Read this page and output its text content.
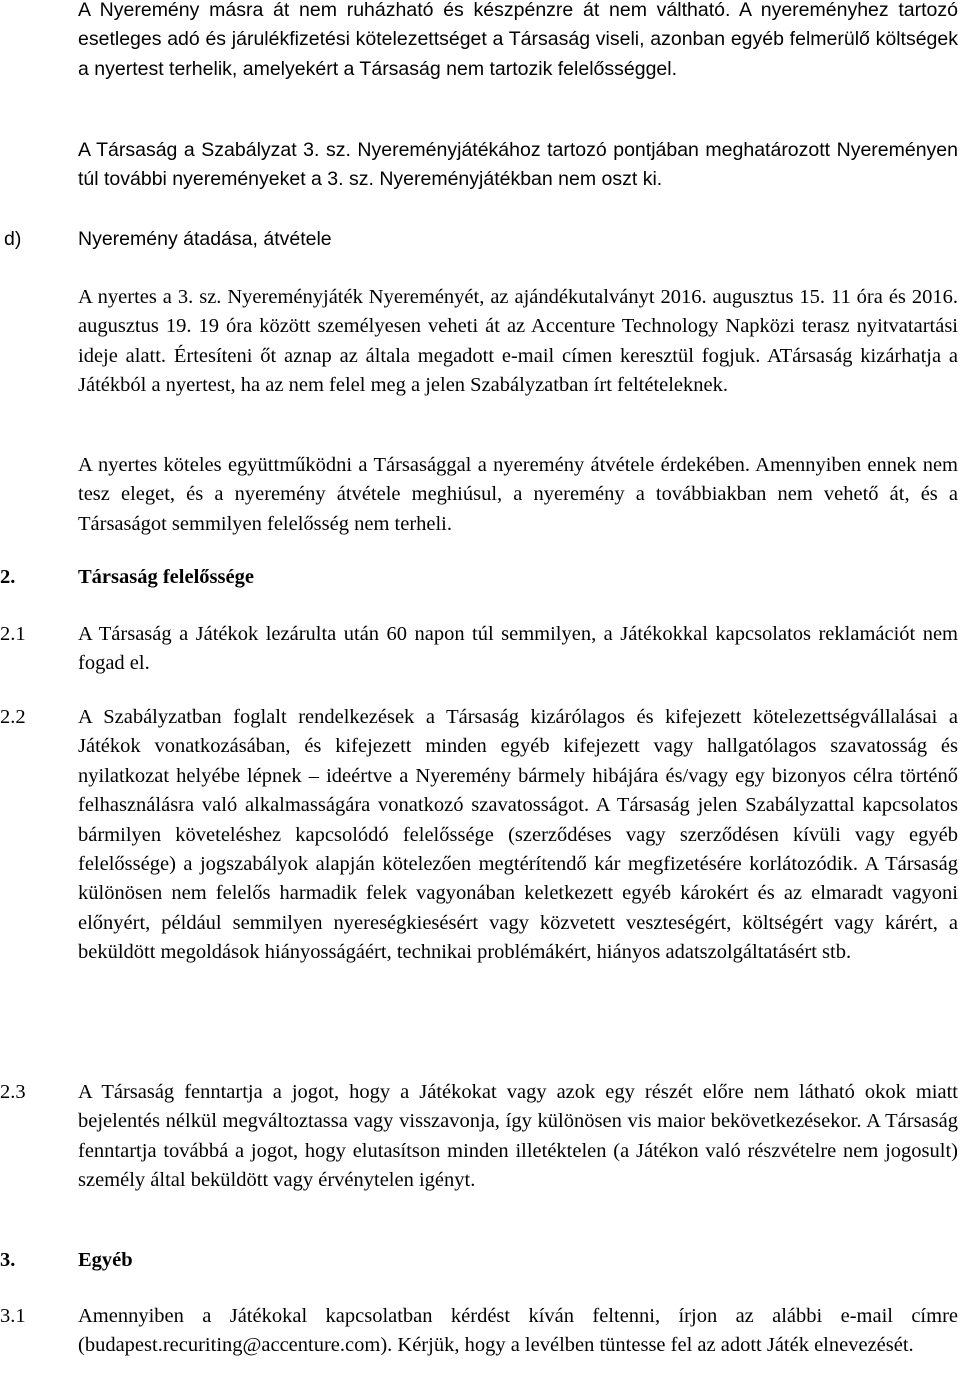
A Nyeremény másra át nem ruházható és készpénzre át nem váltható. A nyereményhez tartozó esetleges adó és járulékfizetési kötelezettséget a Társaság viseli, azonban egyéb felmerülő költségek a nyertest terhelik, amelyekért a Társaság nem tartozik felelősséggel.

A Társaság a Szabályzat 3. sz. Nyereményjátékához tartozó pontjában meghatározott Nyereményen túl további nyereményeket a 3. sz. Nyereményjátékban nem oszt ki.

d)	Nyeremény átadása, átvétele

A nyertes a 3. sz. Nyereményjáték Nyereményét, az ajándékutalványt 2016. augusztus 15. 11 óra és 2016. augusztus 19. 19 óra között személyesen veheti át az Accenture Technology Napközi terasz nyitvatartási ideje alatt. Értesíteni őt aznap az általa megadott e-mail címen keresztül fogjuk. ATársaság kizárhatja a Játékból a nyertest, ha az nem felel meg a jelen Szabályzatban írt feltételeknek.

A nyertes köteles együttműködni a Társasággal a nyeremény átvétele érdekében. Amennyiben ennek nem tesz eleget, és a nyeremény átvétele meghiúsul, a nyeremény a továbbiakban nem vehető át, és a Társaságot semmilyen felelősség nem terheli.

2.	Társaság felelőssége

2.1	A Társaság a Játékok lezárulta után 60 napon túl semmilyen, a Játékokkal kapcsolatos reklamációt nem fogad el.

2.2	A Szabályzatban foglalt rendelkezések a Társaság kizárólagos és kifejezett kötelezettségvállalásai a Játékok vonatkozásában, és kifejezett minden egyéb kifejezett vagy hallgatólagos szavatosság és nyilatkozat helyébe lépnek – ideértve a Nyeremény bármely hibájára és/vagy egy bizonyos célra történő felhasználásra való alkalmasságára vonatkozó szavatosságot. A Társaság jelen Szabályzattal kapcsolatos bármilyen követeléshez kapcsolódó felelőssége (szerződéses vagy szerződésen kívüli vagy egyéb felelőssége) a jogszabályok alapján kötelezően megtérítendő kár megfizetésére korlátozódik. A Társaság különösen nem felelős harmadik felek vagyonában keletkezett egyéb károkért és az elmaradt vagyoni előnyért, például semmilyen nyereségkiesésért vagy közvetett veszteségért, költségért vagy kárért, a beküldött megoldások hiányosságáért, technikai problémákért, hiányos adatszolgáltatásért stb.

2.3	A Társaság fenntartja a jogot, hogy a Játékokat vagy azok egy részét előre nem látható okok miatt bejelentés nélkül megváltoztassa vagy visszavonja, így különösen vis maior bekövetkezésekor. A Társaság fenntartja továbbá a jogot, hogy elutasítson minden illetéktelen (a Játékon való részvételre nem jogosult) személy által beküldött vagy érvénytelen igényt.

3.	Egyéb

3.1	Amennyiben a Játékokal kapcsolatban kérdést kíván feltenni, írjon az alábbi e-mail címre (budapest.recuriting@accenture.com). Kérjük, hogy a levélben tüntesse fel az adott Játék elnevezését.
